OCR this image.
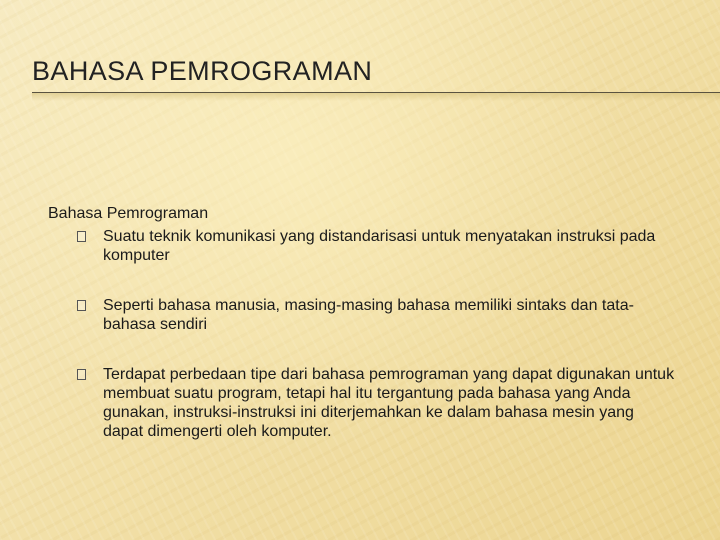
BAHASA PEMROGRAMAN
Bahasa Pemrograman
Suatu teknik komunikasi yang distandarisasi untuk menyatakan instruksi pada komputer
Seperti bahasa manusia, masing-masing bahasa memiliki sintaks dan tata-bahasa sendiri
Terdapat perbedaan tipe dari bahasa pemrograman yang dapat digunakan untuk membuat suatu program, tetapi hal itu tergantung pada bahasa yang Anda gunakan, instruksi-instruksi ini diterjemahkan ke dalam bahasa mesin yang dapat dimengerti oleh komputer.
